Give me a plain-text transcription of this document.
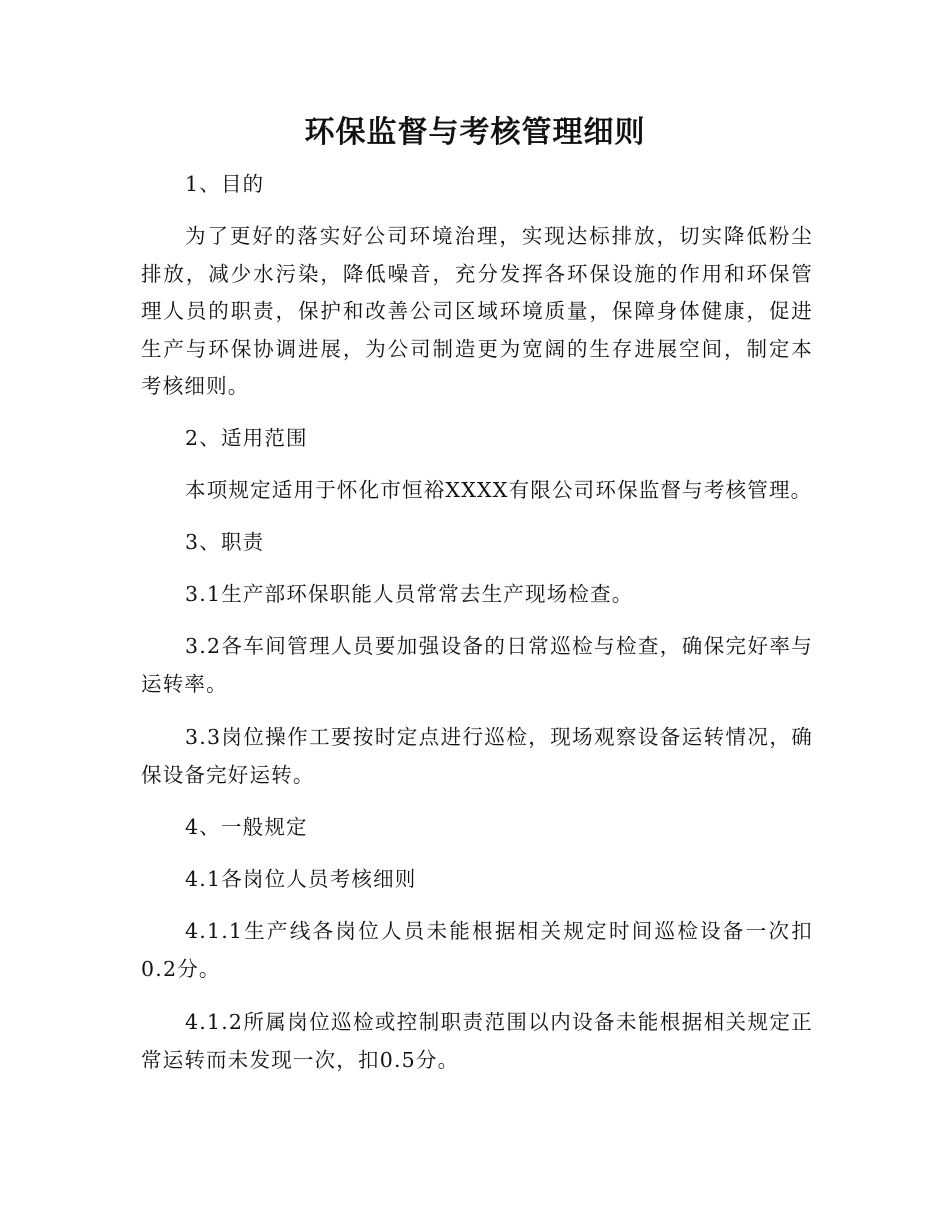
环保监督与考核管理细则

1、目的

为了更好的落实好公司环境治理，实现达标排放，切实降低粉尘排放，减少水污染，降低噪音，充分发挥各环保设施的作用和环保管理人员的职责，保护和改善公司区域环境质量，保障身体健康，促进生产与环保协调进展，为公司制造更为宽阔的生存进展空间，制定本考核细则。

2、适用范围

本项规定适用于怀化市恒裕XXXX有限公司环保监督与考核管理。

3、职责

3.1生产部环保职能人员常常去生产现场检查。

3.2各车间管理人员要加强设备的日常巡检与检查，确保完好率与运转率。

3.3岗位操作工要按时定点进行巡检，现场观察设备运转情况，确保设备完好运转。

4、一般规定

4.1各岗位人员考核细则

4.1.1生产线各岗位人员未能根据相关规定时间巡检设备一次扣0.2分。

4.1.2所属岗位巡检或控制职责范围以内设备未能根据相关规定正常运转而未发现一次，扣0.5分。
